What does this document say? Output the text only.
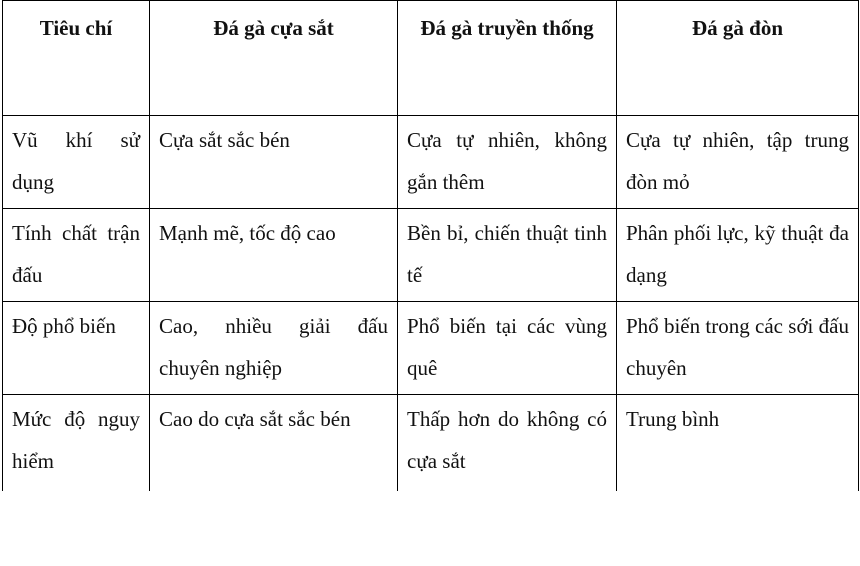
Tiêu chí	Đá gà cựa sắt	Đá gà truyền thống	Đá gà đòn
Vũ khí sử dụng	Cựa sắt sắc bén	Cựa tự nhiên, không gắn thêm	Cựa tự nhiên, tập trung đòn mỏ
Tính chất trận đấu	Mạnh mẽ, tốc độ cao	Bền bỉ, chiến thuật tinh tế	Phân phối lực, kỹ thuật đa dạng
Độ phổ biến	Cao, nhiều giải đấu chuyên nghiệp	Phổ biến tại các vùng quê	Phổ biến trong các sới đấu chuyên
Mức độ nguy hiểm	Cao do cựa sắt sắc bén	Thấp hơn do không có cựa sắt	Trung bình
